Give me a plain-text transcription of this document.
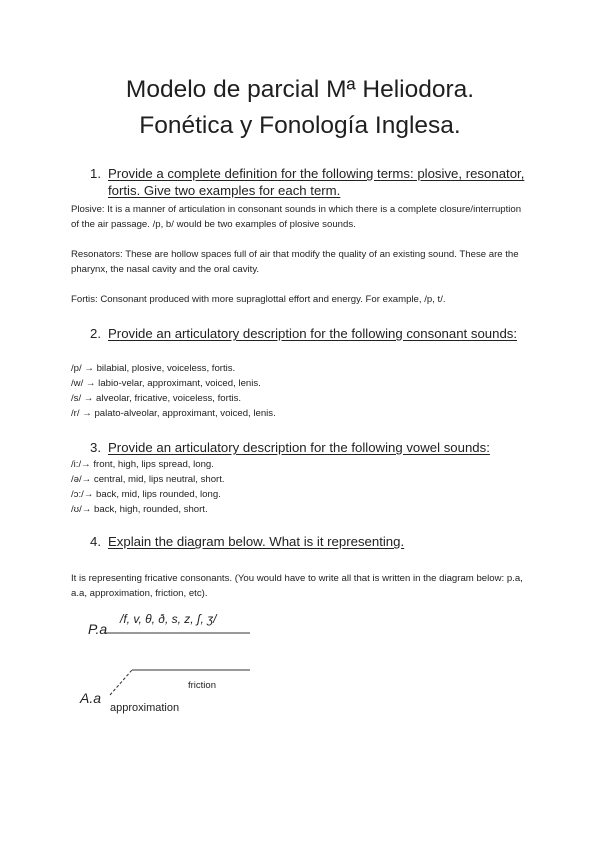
Modelo de parcial Mª Heliodora.
Fonética y Fonología Inglesa.
1. Provide a complete definition for the following terms: plosive, resonator, fortis. Give two examples for each term.

Plosive: It is a manner of articulation in consonant sounds in which there is a complete closure/interruption of the air passage. /p, b/ would be two examples of plosive sounds.

Resonators: These are hollow spaces full of air that modify the quality of an existing sound. These are the pharynx, the nasal cavity and the oral cavity.

Fortis: Consonant produced with more supraglottal effort and energy. For example, /p, t/.

2. Provide an articulatory description for the following consonant sounds:
/p/ → bilabial, plosive, voiceless, fortis.
/w/ → labio-velar, approximant, voiced, lenis.
/s/ → alveolar, fricative, voiceless, fortis.
/r/ → palato-alveolar, approximant, voiced, lenis.
3. Provide an articulatory description for the following vowel sounds:
/i:/→ front, high, lips spread, long.
/ə/→ central, mid, lips neutral, short.
/ɔ:/→ back, mid, lips rounded, long.
/ʊ/→ back, high, rounded, short.
4. Explain the diagram below. What is it representing.

It is representing fricative consonants. (You would have to write all that is written in the diagram below: p.a, a.a, approximation, friction, etc).

P.a
/f, v, θ, ð, s, z, ʃ, ʒ/
friction
A.a
approximation
